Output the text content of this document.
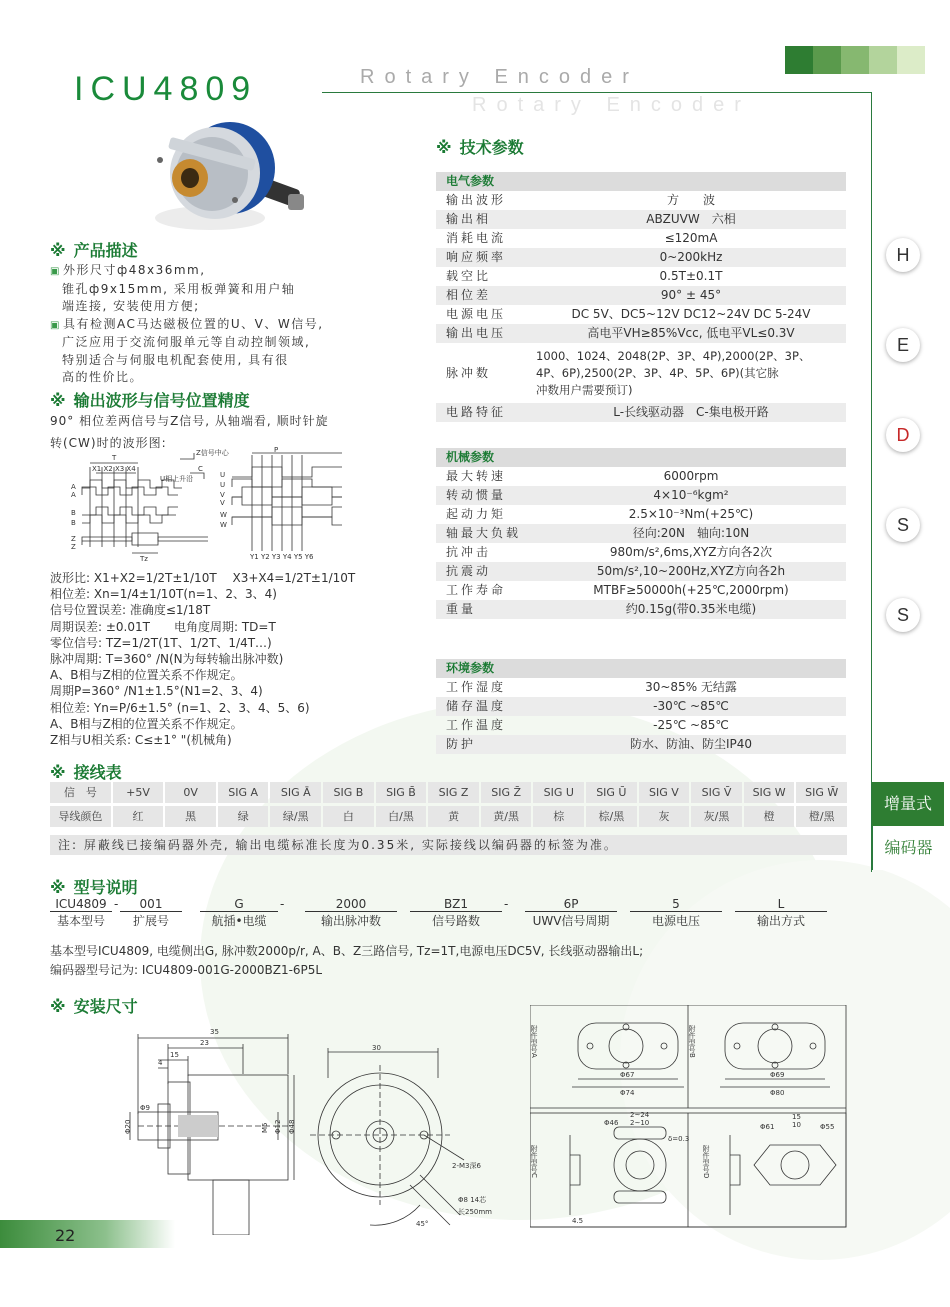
ICU4809	Rotary Encoder
Rotary Encoder
※ 产品描述
▣ 外形尺寸ф48x36mm,
锥孔ф9x15mm, 采用板弹簧和用户轴
端连接, 安装使用方便;
▣ 具有检测AC马达磁极位置的U、V、W信号,
广泛应用于交流伺服单元等自动控制领域,
特别适合与伺服电机配套使用, 具有很
高的性价比。
※ 输出波形与信号位置精度
90° 相位差两信号与Z信号, 从轴端看, 顺时针旋
转(CW)时的波形图:
T
X1 X2 X3 X4
A
A
B
B
Z
Z
Tz
Z信号中心
U相上升沿
P
U
U
V
V
W
W
Y1 Y2 Y3 Y4 Y5 Y6
C
波形比: X1+X2=1/2T±1/10T　 X3+X4=1/2T±1/10T
相位差: Xn=1/4±1/10T(n=1、2、3、4)
信号位置误差: 准确度≤1/18T
周期误差: ±0.01T　　电角度周期: TD=T
零位信号: TZ=1/2T(1T、1/2T、1/4T…)
脉冲周期: T=360° /N(N为每转输出脉冲数)
A、B相与Z相的位置关系不作规定。
周期P=360° /N1±1.5°(N1=2、3、4)
相位差: Yn=P/6±1.5° (n=1、2、3、4、5、6)
A、B相与Z相的位置关系不作规定。
Z相与U相关系: C≤±1° "(机械角)
※ 技术参数
电气参数
输出波形	方　　波
输出相	ABZUVW　六相
消耗电流	≤120mA
响应频率	0~200kHz
载空比	0.5T±0.1T
相位差	90° ± 45°
电源电压	DC 5V、DC5~12V DC12~24V DC 5-24V
输出电压	高电平VH≥85%Vcc, 低电平VL≤0.3V
脉冲数
1000、1024、2048(2P、3P、4P),2000(2P、3P、
4P、6P),2500(2P、3P、4P、5P、6P)(其它脉
冲数用户需要预订)
电路特征	L-长线驱动器　C-集电极开路
机械参数
最大转速	6000rpm
转动惯量	4×10⁻⁶kgm²
起动力矩	2.5×10⁻³Nm(+25℃)
轴最大负载	径向:20N　轴向:10N
抗冲击	980m/s²,6ms,XYZ方向各2次
抗震动	50m/s²,10~200Hz,XYZ方向各2h
工作寿命	MTBF≥50000h(+25℃,2000rpm)
重量	约0.15g(带0.35米电缆)
环境参数
工作湿度	30~85% 无结露
储存温度	-30℃ ~85℃
工作温度	-25℃ ~85℃
防护	防水、防油、防尘IP40
H
E
D
S
S
增量式
编码器
※ 接线表
信　号	+5V	0V	SIG A	SIG Ā	SIG B	SIG B̄	SIG Z	SIG Z̄	SIG U	SIG Ū	SIG V	SIG V̄	SIG W	SIG W̄
导线颜色	红	黑	绿	绿/黑	白	白/黑	黄	黄/黑	棕	棕/黑	灰	灰/黑	橙	橙/黑
注: 屏蔽线已接编码器外壳, 输出电缆标准长度为0.35米, 实际接线以编码器的标签为准。
※ 型号说明
ICU4809
基本型号
-	001
扩展号
G
航插•电缆
-	2000
输出脉冲数
BZ1
信号路数
-	6P
UWV信号周期
5
电源电压
L
输出方式
基本型号ICU4809, 电缆侧出G, 脉冲数2000p/r, A、B、Z三路信号, Tz=1T,电源电压DC5V, 长线驱动器输出L;
编码器型号记为: ICU4809-001G-2000BZ1-6P5L
※ 安装尺寸
35
23
15
4
Φ20
Φ9
M5 Φ12 Φ48
30
2-M3深6
Φ8 14芯
长250mm
45°
附件型号A	附件型号B
附件型号C	附件型号D
Φ67
Φ74
Φ69
Φ80
2~24
2~10
Φ46
δ=0.3
Φ61	Φ55
15
10
4.5
22
